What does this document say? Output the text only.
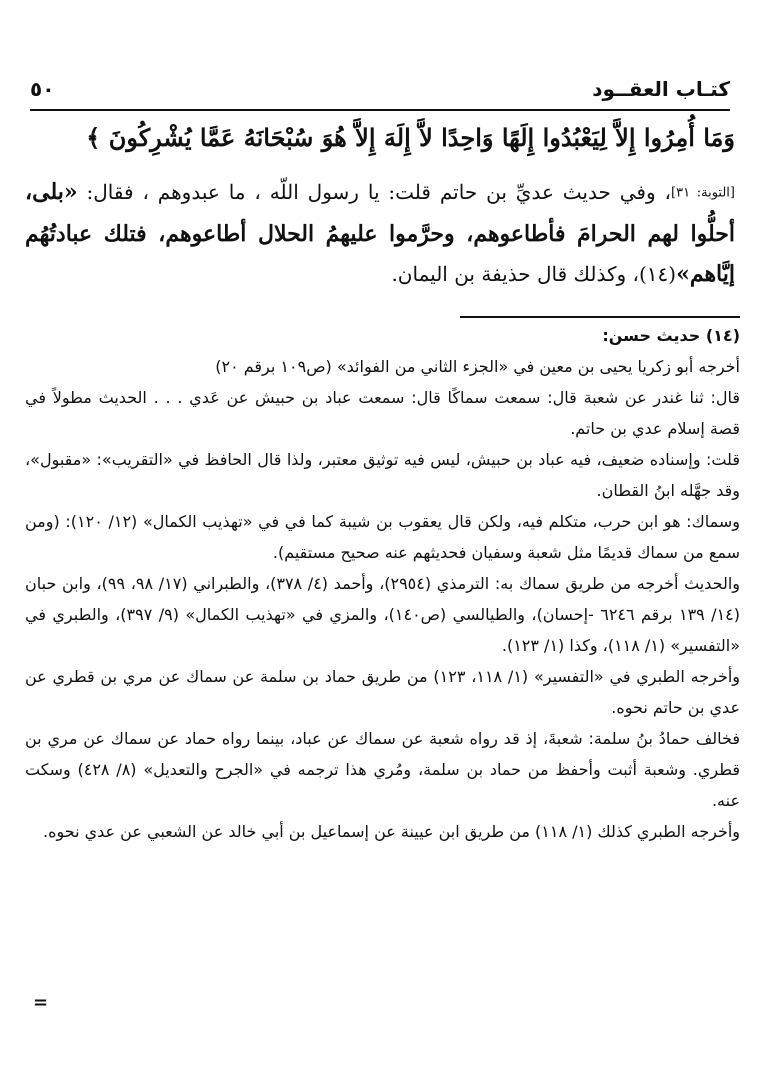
كتـاب العقــود
٥٠
وَمَا أُمِرُوا إِلاَّ لِيَعْبُدُوا إِلَهًا وَاحِدًا لاَّ إِلَهَ إِلاَّ هُوَ سُبْحَانَهُ عَمَّا يُشْرِكُونَ ﴾
[التوبة: ٣١]، وفي حديث عديِّ بن حاتم قلت: يا رسول اللّه ، ما عبدوهم ، فقال: «بلى، أحلُّوا لهم الحرامَ فأطاعوهم، وحرَّموا عليهمُ الحلال أطاعوهم، فتلك عبادتُهُم إيَّاهم»(١٤)، وكذلك قال حذيفة بن اليمان.

(١٤) حديث حسن:

أخرجه أبو زكريا يحيى بن معين في «الجزء الثاني من الفوائد» (ص١٠٩ برقم ٢٠)

قال: ثنا غندر عن شعبة قال: سمعت سماكًا قال: سمعت عباد بن حبيش عن عَدي . . . الحديث مطولاً في قصة إسلام عدي بن حاتم.

قلت: وإسناده ضعيف، فيه عباد بن حبيش، ليس فيه توثيق معتبر، ولذا قال الحافظ في «التقريب»: «مقبول»، وقد جهَّله ابنُ القطان.

وسماك: هو ابن حرب، متكلم فيه، ولكن قال يعقوب بن شيبة كما في في «تهذيب الكمال» (١٢/ ١٢٠): (ومن سمع من سماك قديمًا مثل شعبة وسفيان فحديثهم عنه صحيح مستقيم).

والحديث أخرجه من طريق سماك به: الترمذي (٢٩٥٤)، وأحمد (٤/ ٣٧٨)، والطبراني (١٧/ ٩٨، ٩٩)، وابن حبان (١٤/ ١٣٩ برقم ٦٢٤٦ -إحسان)، والطيالسي (ص١٤٠)، والمزي في «تهذيب الكمال» (٩/ ٣٩٧)، والطبري في «التفسير» (١/ ١١٨)، وكذا (١/ ١٢٣).

وأخرجه الطبري في «التفسير» (١/ ١١٨، ١٢٣) من طريق حماد بن سلمة عن سماك عن مري بن قطري عن عدي بن حاتم نحوه.

فخالف حمادُ بنُ سلمة: شعبةَ، إذ قد رواه شعبة عن سماك عن عباد، بينما رواه حماد عن سماك عن مري بن قطري. وشعبة أثبت وأحفظ من حماد بن سلمة، ومُري هذا ترجمه في «الجرح والتعديل» (٨/ ٤٢٨) وسكت عنه.

وأخرجه الطبري كذلك (١/ ١١٨) من طريق ابن عيينة عن إسماعيل بن أبي خالد عن الشعبي عن عدي نحوه.

=
